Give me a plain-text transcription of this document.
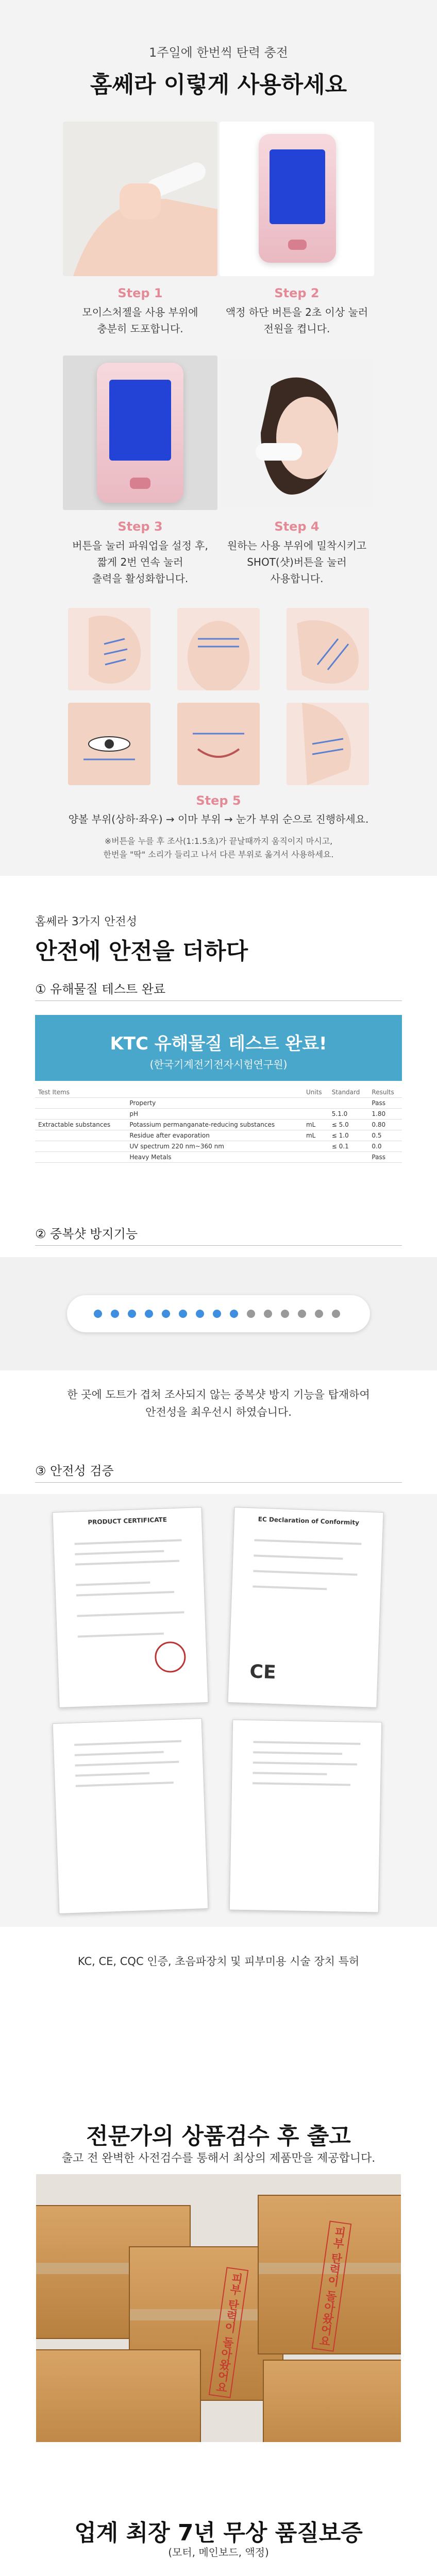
1주일에 한번씩 탄력 충전
홈쎄라 이렇게 사용하세요
Step 1
모이스처젤을 사용 부위에
충분히 도포합니다.
Step 2
액정 하단 버튼을 2초 이상 눌러
전원을 켭니다.
Step 3
버튼을 눌러 파워업을 설정 후,
짧게 2번 연속 눌러
출력을 활성화합니다.
Step 4
원하는 사용 부위에 밀착시키고
SHOT(샷)버튼을 눌러
사용합니다.
Step 5
양볼 부위(상하·좌우) → 이마 부위 → 눈가 부위 순으로 진행하세요.
※버튼을 누를 후 조사(1:1.5초)가 끝날때까지 움직이지 마시고,
한번을 "딱" 소리가 들리고 나서 다른 부위로 옮겨서 사용하세요.
홈쎄라 3가지 안전성
안전에 안전을 더하다
① 유해물질 테스트 완료
KTC 유해물질 테스트 완료!
(한국기계전기전자시험연구원)
Test Items		Units	Standard	Results
	Property			Pass
	pH		5.1.0	1.80
Extractable substances	Potassium permanganate-reducing substances	mL	≤ 5.0	0.80
	Residue after evaporation	mL	≤ 1.0	0.5
	UV spectrum 220 nm~360 nm		≤ 0.1	0.0
	Heavy Metals			Pass
② 중복샷 방지기능
한 곳에 도트가 겹쳐 조사되지 않는 중복샷 방지 기능을 탑재하여
안전성을 최우선시 하였습니다.
③ 안전성 검증
PRODUCT CERTIFICATE	EC Declaration of Conformity
CE
KC, CE, CQC 인증, 초음파장치 및 피부미용 시술 장치 특허
전문가의 상품검수 후 출고
출고 전 완벽한 사전검수를 통해서 최상의 제품만을 제공합니다.
피부 탄력이 돌아왔어요	피부 탄력이 돌아왔어요
업계 최장 7년 무상 품질보증
(모터, 메인보드, 액정)
